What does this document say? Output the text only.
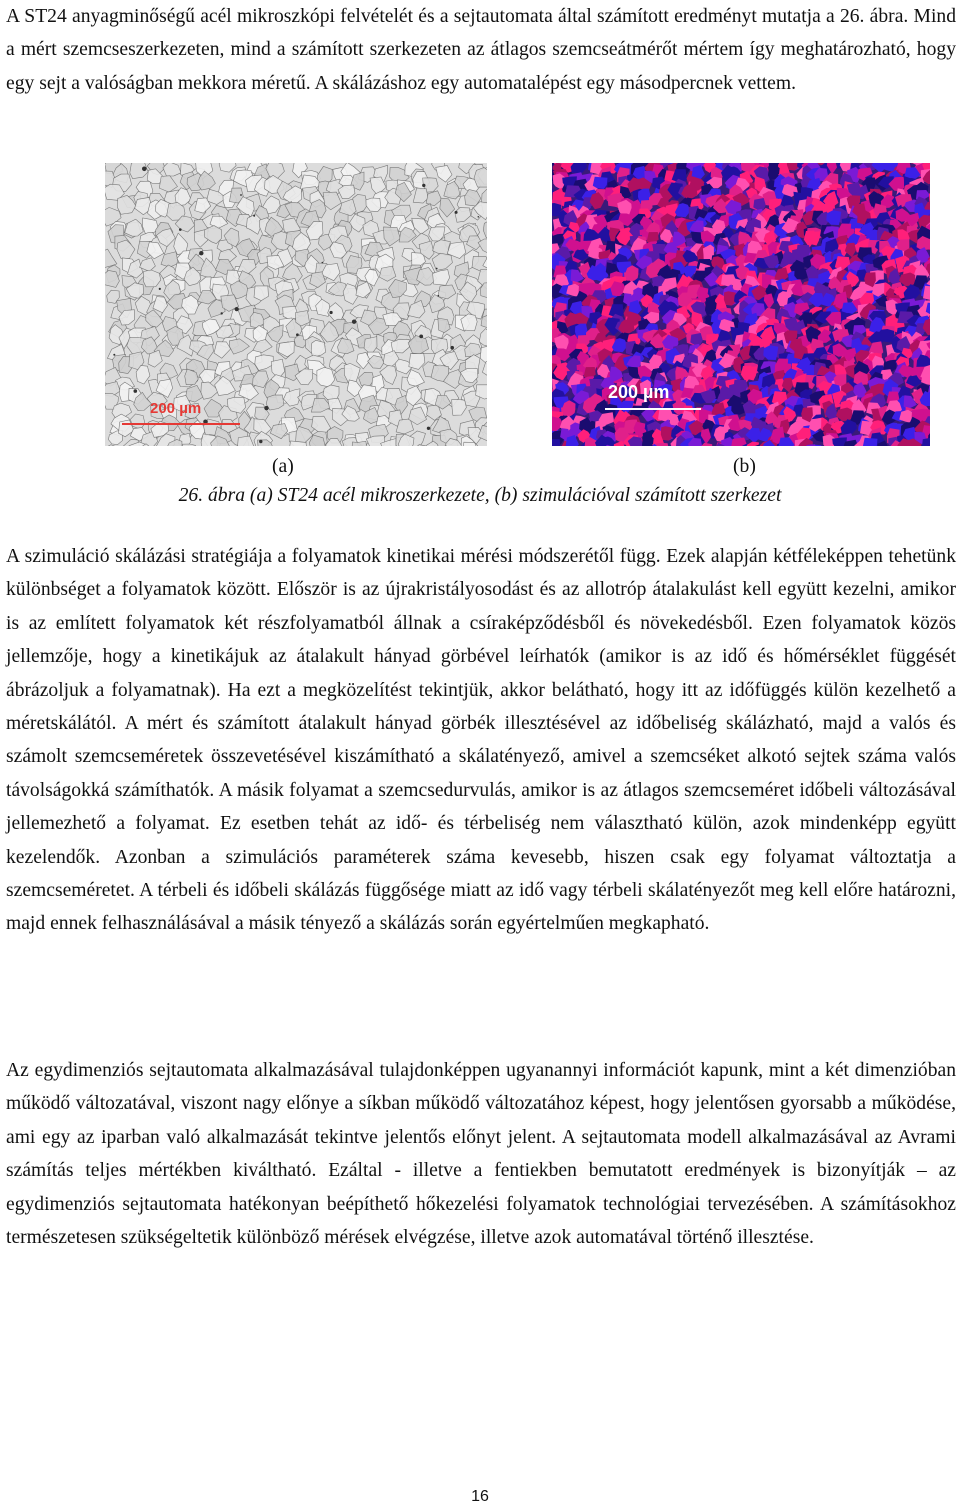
A ST24 anyagminőségű acél mikroszkópi felvételét és a sejtautomata által számított eredményt mutatja a 26. ábra. Mind a mért szemcseszerkezeten, mind a számított szerkezeten az átlagos szemcseátmérőt mértem így meghatározható, hogy egy sejt a valóságban mekkora méretű. A skálázáshoz egy automatalépést egy másodpercnek vettem.

200 µm
200 µm
(a)	(b)
26. ábra (a) ST24 acél mikroszerkezete, (b) szimulációval számított szerkezet

A szimuláció skálázási stratégiája a folyamatok kinetikai mérési módszerétől függ. Ezek alapján kétféleképpen tehetünk különbséget a folyamatok között. Először is az újrakristályosodást és az allotróp átalakulást kell együtt kezelni, amikor is az említett folyamatok két részfolyamatból állnak a csíraképződésből és növekedésből. Ezen folyamatok közös jellemzője, hogy a kinetikájuk az átalakult hányad görbével leírhatók (amikor is az idő és hőmérséklet függését ábrázoljuk a folyamatnak). Ha ezt a megközelítést tekintjük, akkor belátható, hogy itt az időfüggés külön kezelhető a méretskálától. A mért és számított átalakult hányad görbék illesztésével az időbeliség skálázható, majd a valós és számolt szemcseméretek összevetésével kiszámítható a skálatényező, amivel a szemcséket alkotó sejtek száma valós távolságokká számíthatók. A másik folyamat a szemcsedurvulás, amikor is az átlagos szemcseméret időbeli változásával jellemezhető a folyamat. Ez esetben tehát az idő- és térbeliség nem választható külön, azok mindenképp együtt kezelendők. Azonban a szimulációs paraméterek száma kevesebb, hiszen csak egy folyamat változtatja a szemcseméretet. A térbeli és időbeli skálázás függősége miatt az idő vagy térbeli skálatényezőt meg kell előre határozni, majd ennek felhasználásával a másik tényező a skálázás során egyértelműen megkapható.

Az egydimenziós sejtautomata alkalmazásával tulajdonképpen ugyanannyi információt kapunk, mint a két dimenzióban működő változatával, viszont nagy előnye a síkban működő változatához képest, hogy jelentősen gyorsabb a működése, ami egy az iparban való alkalmazását tekintve jelentős előnyt jelent. A sejtautomata modell alkalmazásával az Avrami számítás teljes mértékben kiváltható. Ezáltal - illetve a fentiekben bemutatott eredmények is bizonyítják – az egydimenziós sejtautomata hatékonyan beépíthető hőkezelési folyamatok technológiai tervezésében. A számításokhoz természetesen szükségeltetik különböző mérések elvégzése, illetve azok automatával történő illesztése.

16
